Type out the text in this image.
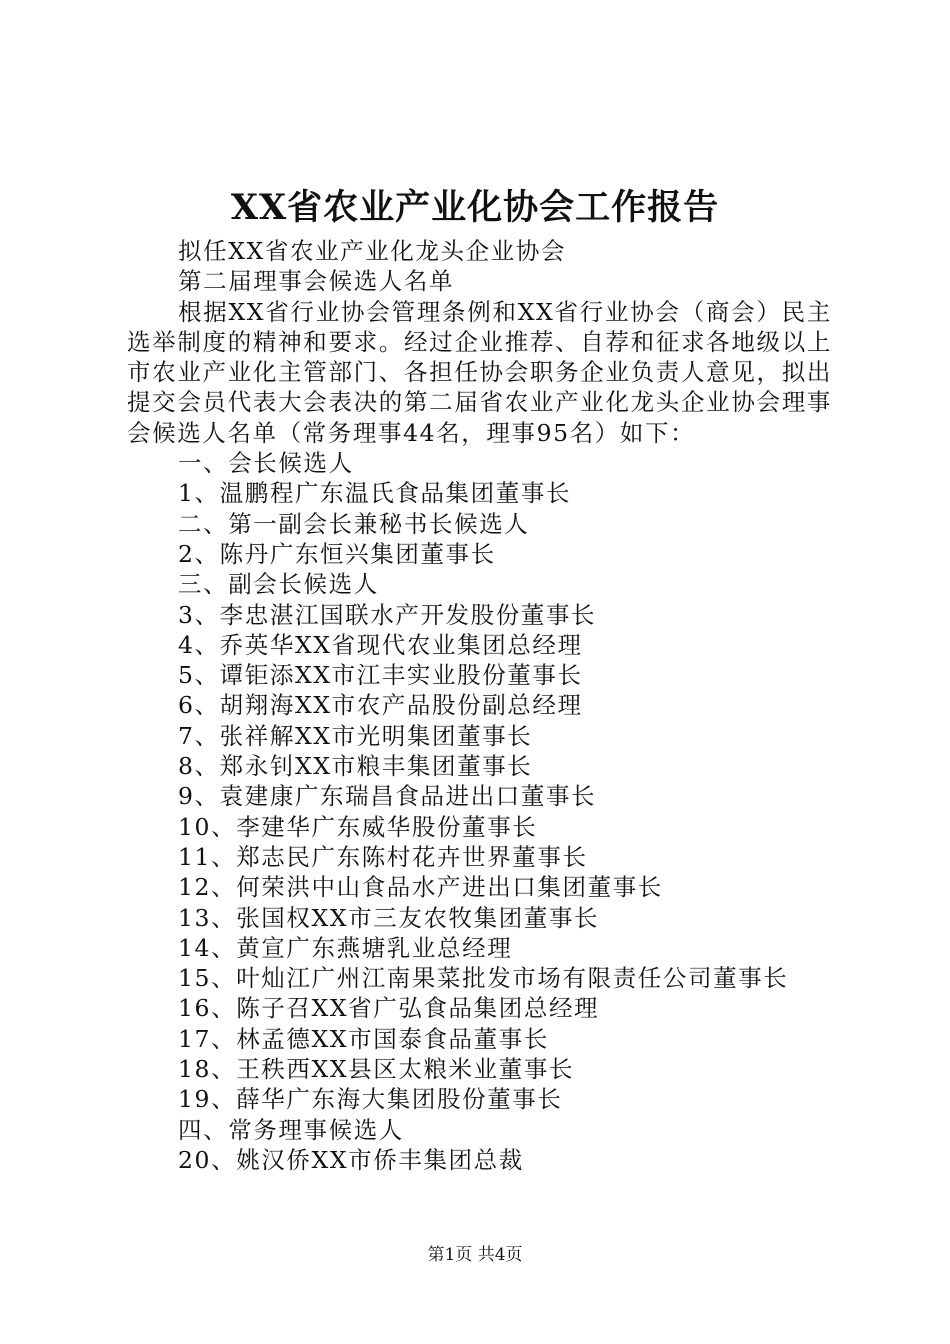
XX省农业产业化协会工作报告

拟任XX省农业产业化龙头企业协会

第二届理事会候选人名单

根据XX省行业协会管理条例和XX省行业协会（商会）民主选举制度的精神和要求。经过企业推荐、自荐和征求各地级以上市农业产业化主管部门、各担任协会职务企业负责人意见，拟出提交会员代表大会表决的第二届省农业产业化龙头企业协会理事会候选人名单（常务理事44名，理事95名）如下：

一、会长候选人

1、温鹏程广东温氏食品集团董事长

二、第一副会长兼秘书长候选人

2、陈丹广东恒兴集团董事长

三、副会长候选人

3、李忠湛江国联水产开发股份董事长

4、乔英华XX省现代农业集团总经理

5、谭钜添XX市江丰实业股份董事长

6、胡翔海XX市农产品股份副总经理

7、张祥解XX市光明集团董事长

8、郑永钊XX市粮丰集团董事长

9、袁建康广东瑞昌食品进出口董事长

10、李建华广东威华股份董事长

11、郑志民广东陈村花卉世界董事长

12、何荣洪中山食品水产进出口集团董事长

13、张国权XX市三友农牧集团董事长

14、黄宣广东燕塘乳业总经理

15、叶灿江广州江南果菜批发市场有限责任公司董事长

16、陈子召XX省广弘食品集团总经理

17、林孟德XX市国泰食品董事长

18、王秩西XX县区太粮米业董事长

19、薛华广东海大集团股份董事长

四、常务理事候选人

20、姚汉侨XX市侨丰集团总裁

第1页 共4页
